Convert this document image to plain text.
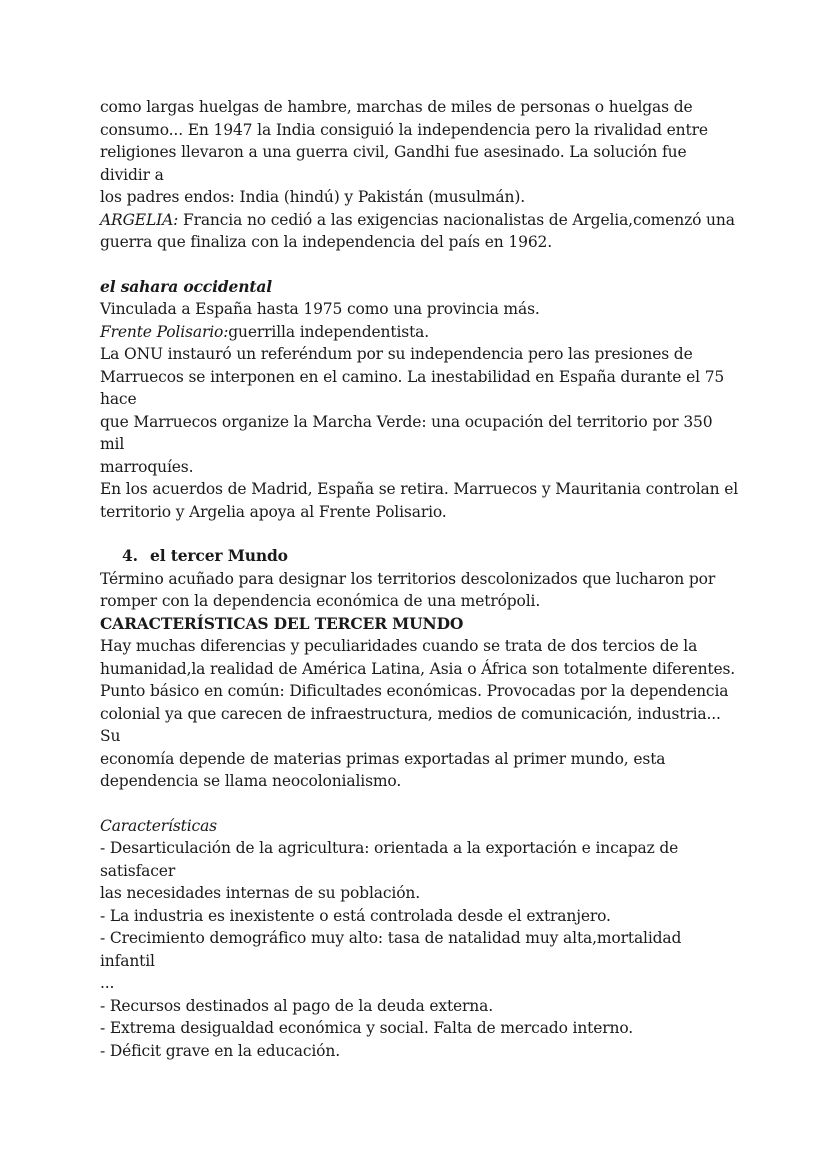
como largas huelgas de hambre, marchas de miles de personas o huelgas de
consumo... En 1947 la India consiguió la independencia pero la rivalidad entre
religiones llevaron a una guerra civil, Gandhi fue asesinado. La solución fue dividir a
los padres endos: India (hindú) y Pakistán (musulmán).
ARGELIA: Francia no cedió a las exigencias nacionalistas de Argelia,comenzó una
guerra que finaliza con la independencia del país en 1962.

el sahara occidental

Vinculada a España hasta 1975 como una provincia más.
Frente Polisario:guerrilla independentista.
La ONU instauró un referéndum por su independencia pero las presiones de
Marruecos se interponen en el camino. La inestabilidad en España durante el 75 hace
que Marruecos organize la Marcha Verde: una ocupación del territorio por 350 mil
marroquíes.
En los acuerdos de Madrid, España se retira. Marruecos y Mauritania controlan el
territorio y Argelia apoya al Frente Polisario.

4. el tercer Mundo

Término acuñado para designar los territorios descolonizados que lucharon por
romper con la dependencia económica de una metrópoli.
CARACTERÍSTICAS DEL TERCER MUNDO
Hay muchas diferencias y peculiaridades cuando se trata de dos tercios de la
humanidad,la realidad de América Latina, Asia o África son totalmente diferentes.
Punto básico en común: Dificultades económicas. Provocadas por la dependencia
colonial ya que carecen de infraestructura, medios de comunicación, industria... Su
economía depende de materias primas exportadas al primer mundo, esta
dependencia se llama neocolonialismo.

Características

- Desarticulación de la agricultura: orientada a la exportación e incapaz de satisfacer
las necesidades internas de su población.
- La industria es inexistente o está controlada desde el extranjero.
- Crecimiento demográfico muy alto: tasa de natalidad muy alta,mortalidad infantil
...
- Recursos destinados al pago de la deuda externa.
- Extrema desigualdad económica y social. Falta de mercado interno.
- Déficit grave en la educación.
